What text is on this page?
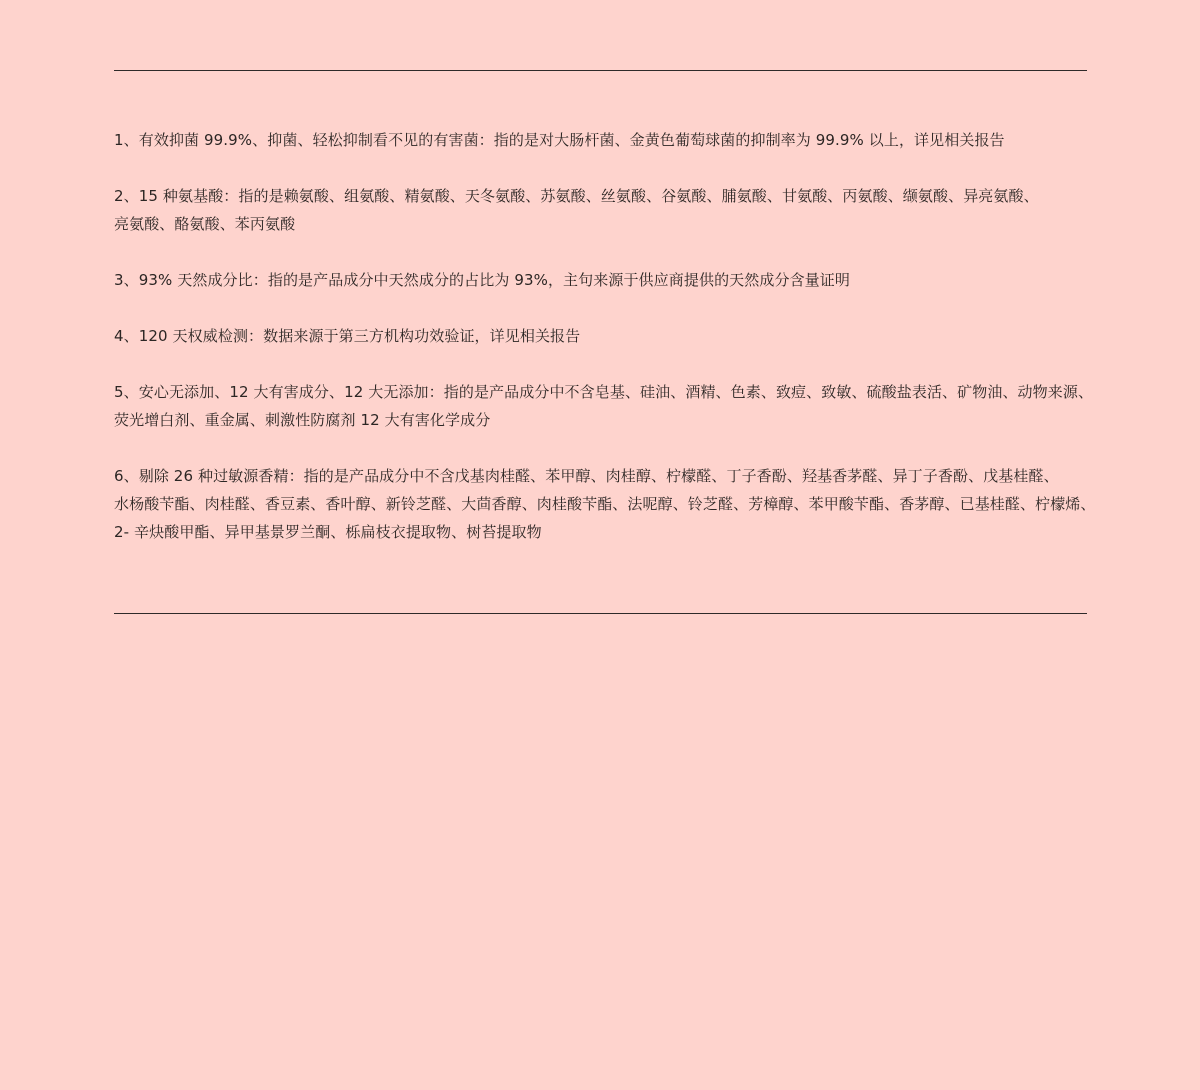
1、有效抑菌 99.9%、抑菌、轻松抑制看不见的有害菌：指的是对大肠杆菌、金黄色葡萄球菌的抑制率为 99.9% 以上，详见相关报告

2、15 种氨基酸：指的是赖氨酸、组氨酸、精氨酸、天冬氨酸、苏氨酸、丝氨酸、谷氨酸、脯氨酸、甘氨酸、丙氨酸、缬氨酸、异亮氨酸、
亮氨酸、酪氨酸、苯丙氨酸

3、93% 天然成分比：指的是产品成分中天然成分的占比为 93%，主句来源于供应商提供的天然成分含量证明

4、120 天权威检测：数据来源于第三方机构功效验证，详见相关报告

5、安心无添加、12 大有害成分、12 大无添加：指的是产品成分中不含皂基、硅油、酒精、色素、致痘、致敏、硫酸盐表活、矿物油、动物来源、
荧光增白剂、重金属、刺激性防腐剂 12 大有害化学成分

6、剔除 26 种过敏源香精：指的是产品成分中不含戊基肉桂醛、苯甲醇、肉桂醇、柠檬醛、丁子香酚、羟基香茅醛、异丁子香酚、戊基桂醛、
水杨酸苄酯、肉桂醛、香豆素、香叶醇、新铃芝醛、大茴香醇、肉桂酸苄酯、法呢醇、铃芝醛、芳樟醇、苯甲酸苄酯、香茅醇、已基桂醛、柠檬烯、
2- 辛炔酸甲酯、异甲基景罗兰酮、栎扁枝衣提取物、树苔提取物
